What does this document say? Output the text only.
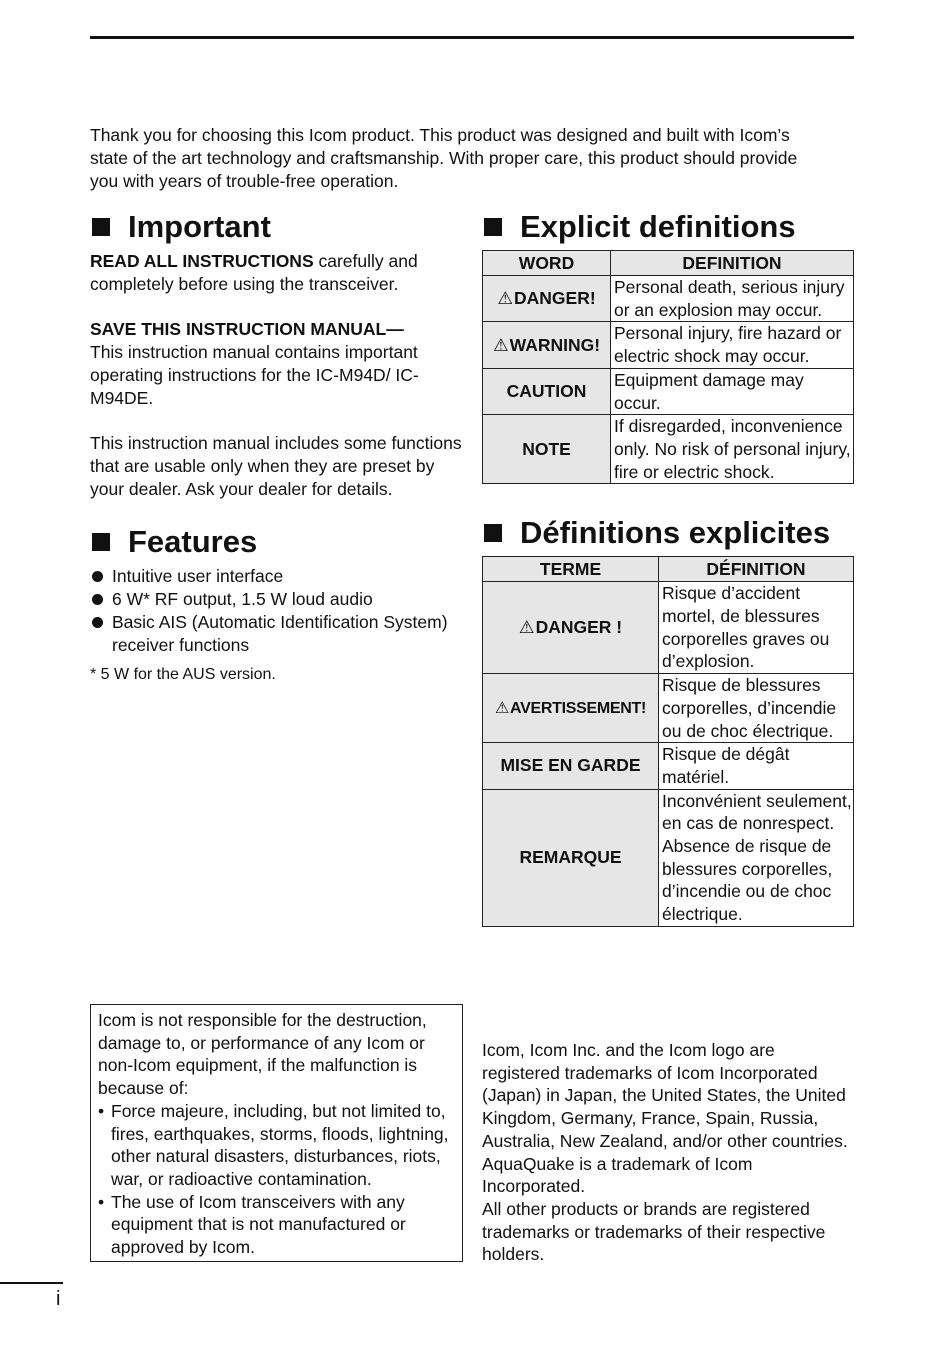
Thank you for choosing this Icom product. This product was designed and built with Icom’s state of the art technology and craftsmanship. With proper care, this product should provide you with years of trouble-free operation.

Important

READ ALL INSTRUCTIONS carefully and completely before using the transceiver.

SAVE THIS INSTRUCTION MANUAL—
This instruction manual contains important operating instructions for the IC-M94D/ IC-M94DE.

This instruction manual includes some functions that are usable only when they are preset by your dealer. Ask your dealer for details.

Features
Intuitive user interface
6 W* RF output, 1.5 W loud audio
Basic AIS (Automatic Identification System) receiver functions

* 5 W for the AUS version.

Explicit definitions
WORD	DEFINITION
⚠DANGER!	Personal death, serious injury or an explosion may occur.
⚠WARNING!	Personal injury, fire hazard or electric shock may occur.
CAUTION	Equipment damage may occur.
NOTE	If disregarded, inconvenience only. No risk of personal injury, fire or electric shock.
Définitions explicites
TERME	DÉFINITION
⚠DANGER !	Risque d’accident mortel, de blessures corporelles graves ou d’explosion.
⚠AVERTISSEMENT!	Risque de blessures corporelles, d’incendie ou de choc électrique.
MISE EN GARDE	Risque de dégât matériel.
REMARQUE	Inconvénient seulement, en cas de nonrespect. Absence de risque de blessures corporelles, d’incendie ou de choc électrique.

Icom is not responsible for the destruction, damage to, or performance of any Icom or non-Icom equipment, if the malfunction is because of:

• Force majeure, including, but not limited to, fires, earthquakes, storms, floods, lightning, other natural disasters, disturbances, riots, war, or radioactive contamination.
• The use of Icom transceivers with any equipment that is not manufactured or approved by Icom.

Icom, Icom Inc. and the Icom logo are registered trademarks of Icom Incorporated (Japan) in Japan, the United States, the United Kingdom, Germany, France, Spain, Russia, Australia, New Zealand, and/or other countries.

AquaQuake is a trademark of Icom Incorporated.

All other products or brands are registered trademarks or trademarks of their respective holders.

i
